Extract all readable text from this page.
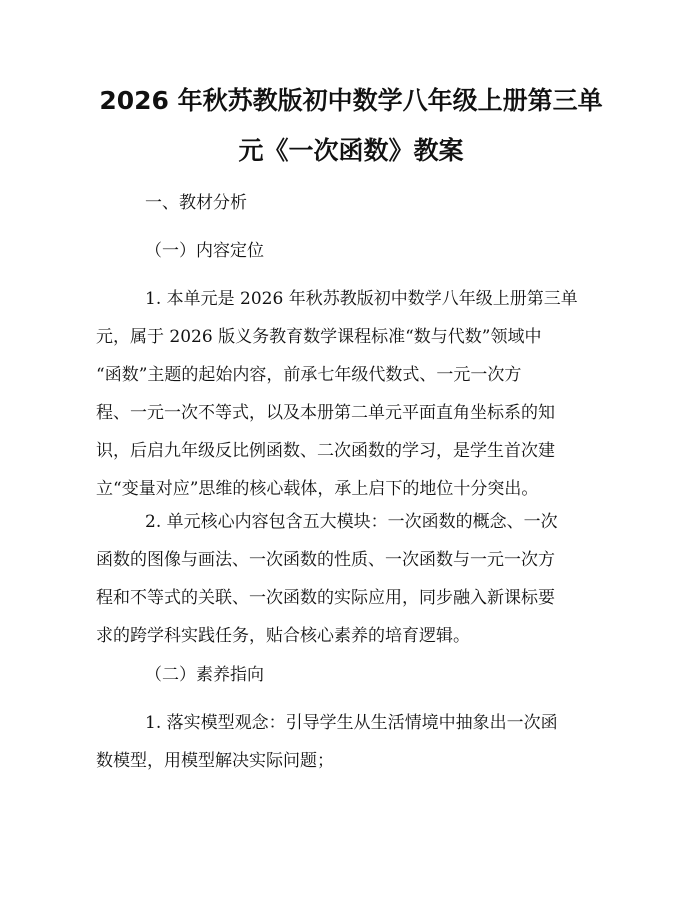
2026 年秋苏教版初中数学八年级上册第三单
元《一次函数》教案
一、教材分析
（一）内容定位
1. 本单元是 2026 年秋苏教版初中数学八年级上册第三单
元，属于 2026 版义务教育数学课程标准“数与代数”领域中
“函数”主题的起始内容，前承七年级代数式、一元一次方
程、一元一次不等式，以及本册第二单元平面直角坐标系的知
识，后启九年级反比例函数、二次函数的学习，是学生首次建
立“变量对应”思维的核心载体，承上启下的地位十分突出。
2. 单元核心内容包含五大模块：一次函数的概念、一次
函数的图像与画法、一次函数的性质、一次函数与一元一次方
程和不等式的关联、一次函数的实际应用，同步融入新课标要
求的跨学科实践任务，贴合核心素养的培育逻辑。
（二）素养指向
1. 落实模型观念：引导学生从生活情境中抽象出一次函
数模型，用模型解决实际问题；
